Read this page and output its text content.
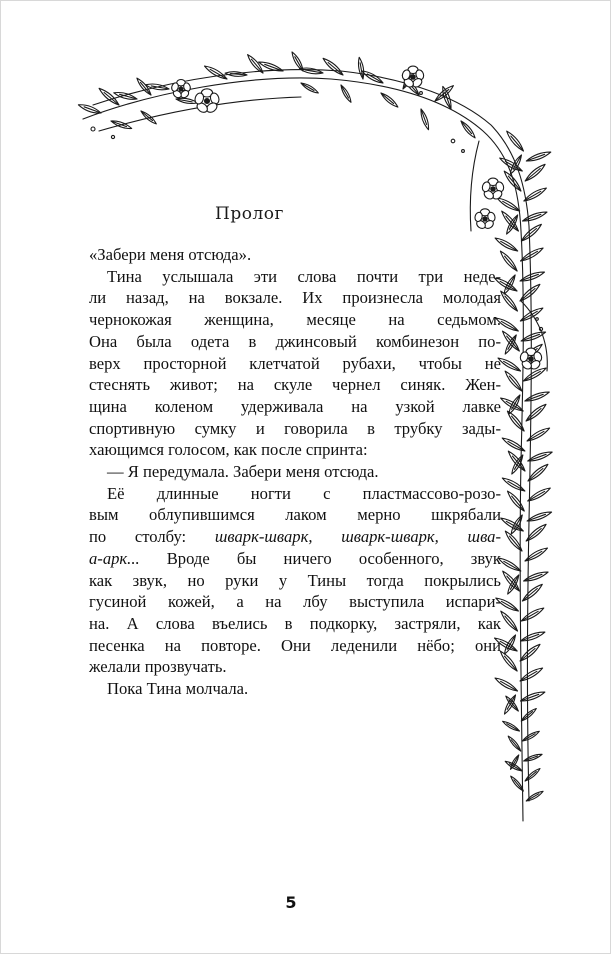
Пролог
«Забери меня отсюда».
Тина услышала эти слова почти три неде-
ли назад, на вокзале. Их произнесла молодая
чернокожая женщина, месяце на седьмом.
Она была одета в джинсовый комбинезон по-
верх просторной клетчатой рубахи, чтобы не
стеснять живот; на скуле чернел синяк. Жен-
щина коленом удерживала на узкой лавке
спортивную сумку и говорила в трубку зады-
хающимся голосом, как после спринта:
— Я передумала. Забери меня отсюда.
Её длинные ногти с пластмассово-розо-
вым облупившимся лаком мерно шкрябали
по столбу: шварк-шварк, шварк-шварк, шва-
а-арк... Вроде бы ничего особенного, звук
как звук, но руки у Тины тогда покрылись
гусиной кожей, а на лбу выступила испари-
на. А слова въелись в подкорку, застряли, как
песенка на повторе. Они леденили нёбо; они
желали прозвучать.
Пока Тина молчала.
5
